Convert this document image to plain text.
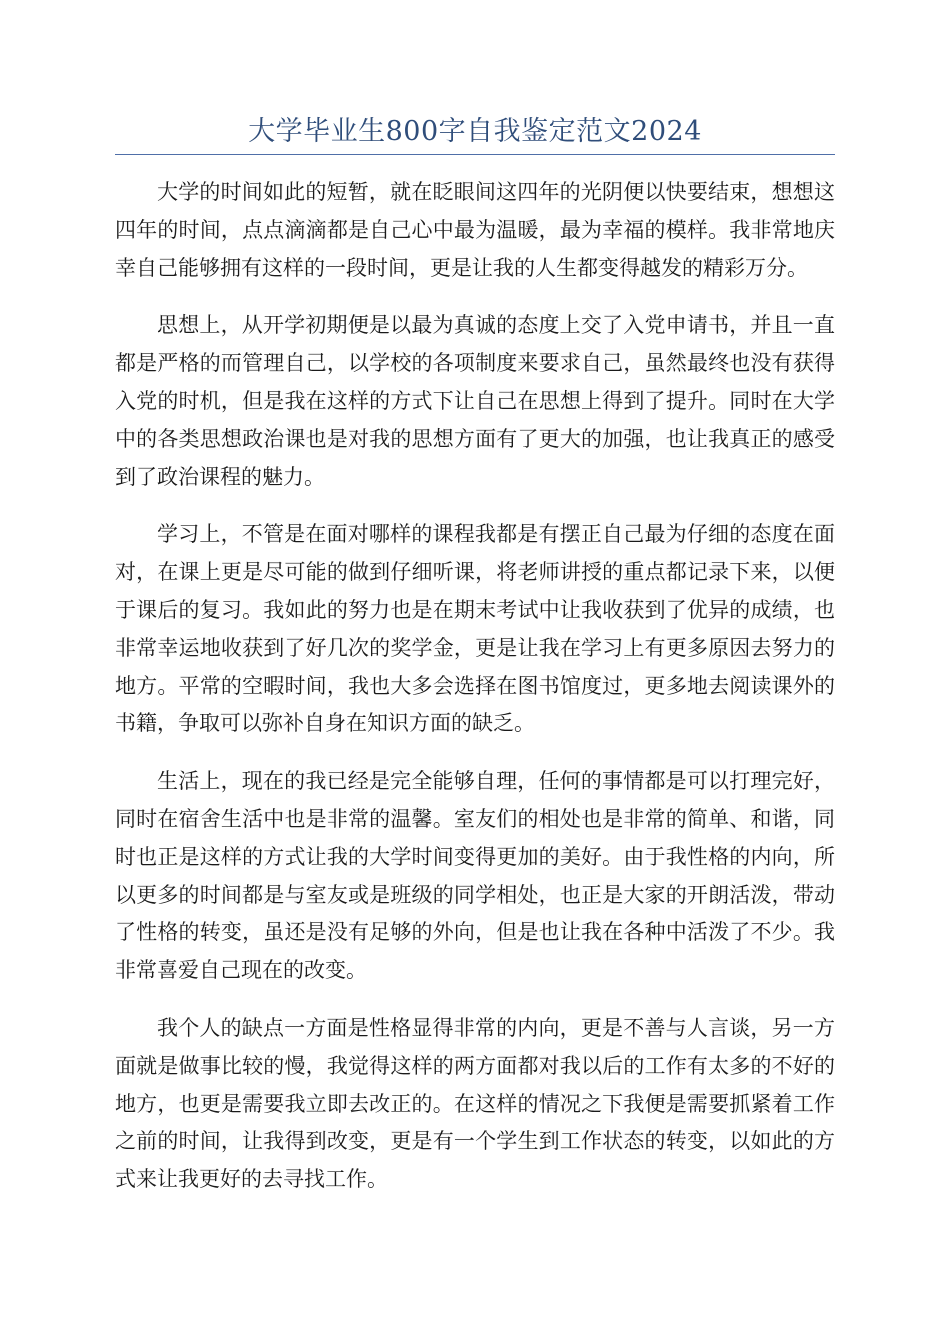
大学毕业生800字自我鉴定范文2024

大学的时间如此的短暂，就在眨眼间这四年的光阴便以快要结束，想想这四年的时间，点点滴滴都是自己心中最为温暖，最为幸福的模样。我非常地庆幸自己能够拥有这样的一段时间，更是让我的人生都变得越发的精彩万分。

思想上，从开学初期便是以最为真诚的态度上交了入党申请书，并且一直都是严格的而管理自己，以学校的各项制度来要求自己，虽然最终也没有获得入党的时机，但是我在这样的方式下让自己在思想上得到了提升。同时在大学中的各类思想政治课也是对我的思想方面有了更大的加强，也让我真正的感受到了政治课程的魅力。

学习上，不管是在面对哪样的课程我都是有摆正自己最为仔细的态度在面对，在课上更是尽可能的做到仔细听课，将老师讲授的重点都记录下来，以便于课后的复习。我如此的努力也是在期末考试中让我收获到了优异的成绩，也非常幸运地收获到了好几次的奖学金，更是让我在学习上有更多原因去努力的地方。平常的空暇时间，我也大多会选择在图书馆度过，更多地去阅读课外的书籍，争取可以弥补自身在知识方面的缺乏。

生活上，现在的我已经是完全能够自理，任何的事情都是可以打理完好，同时在宿舍生活中也是非常的温馨。室友们的相处也是非常的简单、和谐，同时也正是这样的方式让我的大学时间变得更加的美好。由于我性格的内向，所以更多的时间都是与室友或是班级的同学相处，也正是大家的开朗活泼，带动了性格的转变，虽还是没有足够的外向，但是也让我在各种中活泼了不少。我非常喜爱自己现在的改变。

我个人的缺点一方面是性格显得非常的内向，更是不善与人言谈，另一方面就是做事比较的慢，我觉得这样的两方面都对我以后的工作有太多的不好的地方，也更是需要我立即去改正的。在这样的情况之下我便是需要抓紧着工作之前的时间，让我得到改变，更是有一个学生到工作状态的转变，以如此的方式来让我更好的去寻找工作。
